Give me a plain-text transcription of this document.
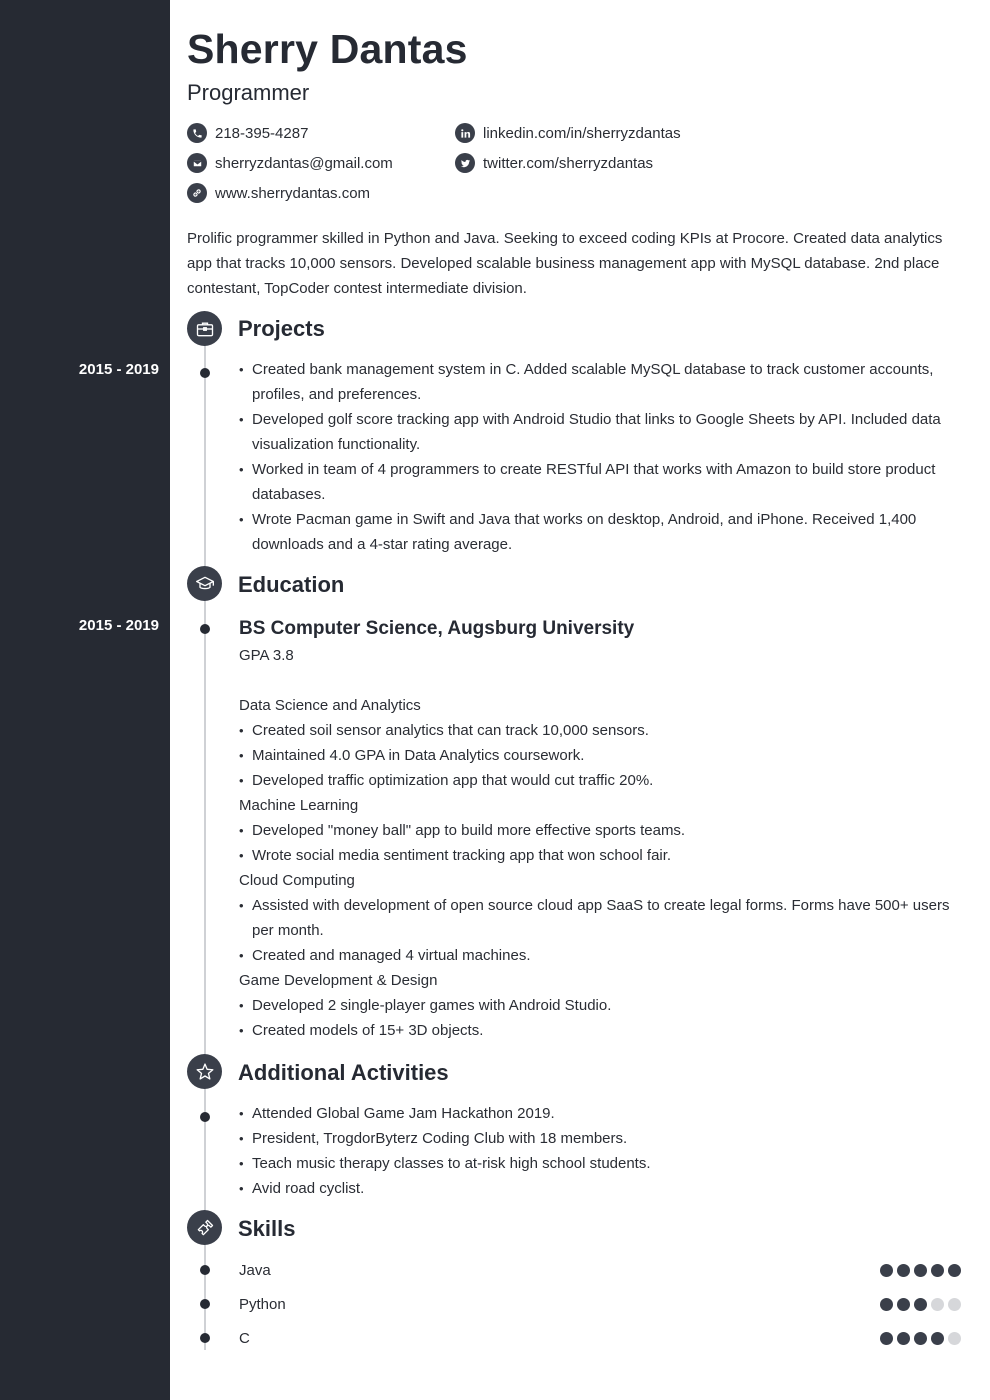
Sherry Dantas
Programmer
218-395-4287
sherryzdantas@gmail.com
www.sherrydantas.com
linkedin.com/in/sherryzdantas
twitter.com/sherryzdantas

Prolific programmer skilled in Python and Java. Seeking to exceed coding KPIs at Procore. Created data analytics app that tracks 10,000 sensors. Developed scalable business management app with MySQL database. 2nd place contestant, TopCoder contest intermediate division.

Projects
2015 - 2019
•	Created bank management system in C. Added scalable MySQL database to track customer accounts, profiles, and preferences.
• Developed golf score tracking app with Android Studio that links to Google Sheets by API. Included data visualization functionality.
• Worked in team of 4 programmers to create RESTful API that works with Amazon to build store product databases.
• Wrote Pacman game in Swift and Java that works on desktop, Android, and iPhone. Received 1,400 downloads and a 4-star rating average.
Education
2015 - 2019	BS Computer Science, Augsburg University
GPA 3.8
Data Science and Analytics
• Created soil sensor analytics that can track 10,000 sensors.
• Maintained 4.0 GPA in Data Analytics coursework.
• Developed traffic optimization app that would cut traffic 20%.
Machine Learning
• Developed "money ball" app to build more effective sports teams.
• Wrote social media sentiment tracking app that won school fair.
Cloud Computing
• Assisted with development of open source cloud app SaaS to create legal forms. Forms have 500+ users per month.
• Created and managed 4 virtual machines.
Game Development & Design
• Developed 2 single-player games with Android Studio.
• Created models of 15+ 3D objects.
Additional Activities
• Attended Global Game Jam Hackathon 2019.
• President, TrogdorByterz Coding Club with 18 members.
• Teach music therapy classes to at-risk high school students.
• Avid road cyclist.
Skills
Java
Python
C
